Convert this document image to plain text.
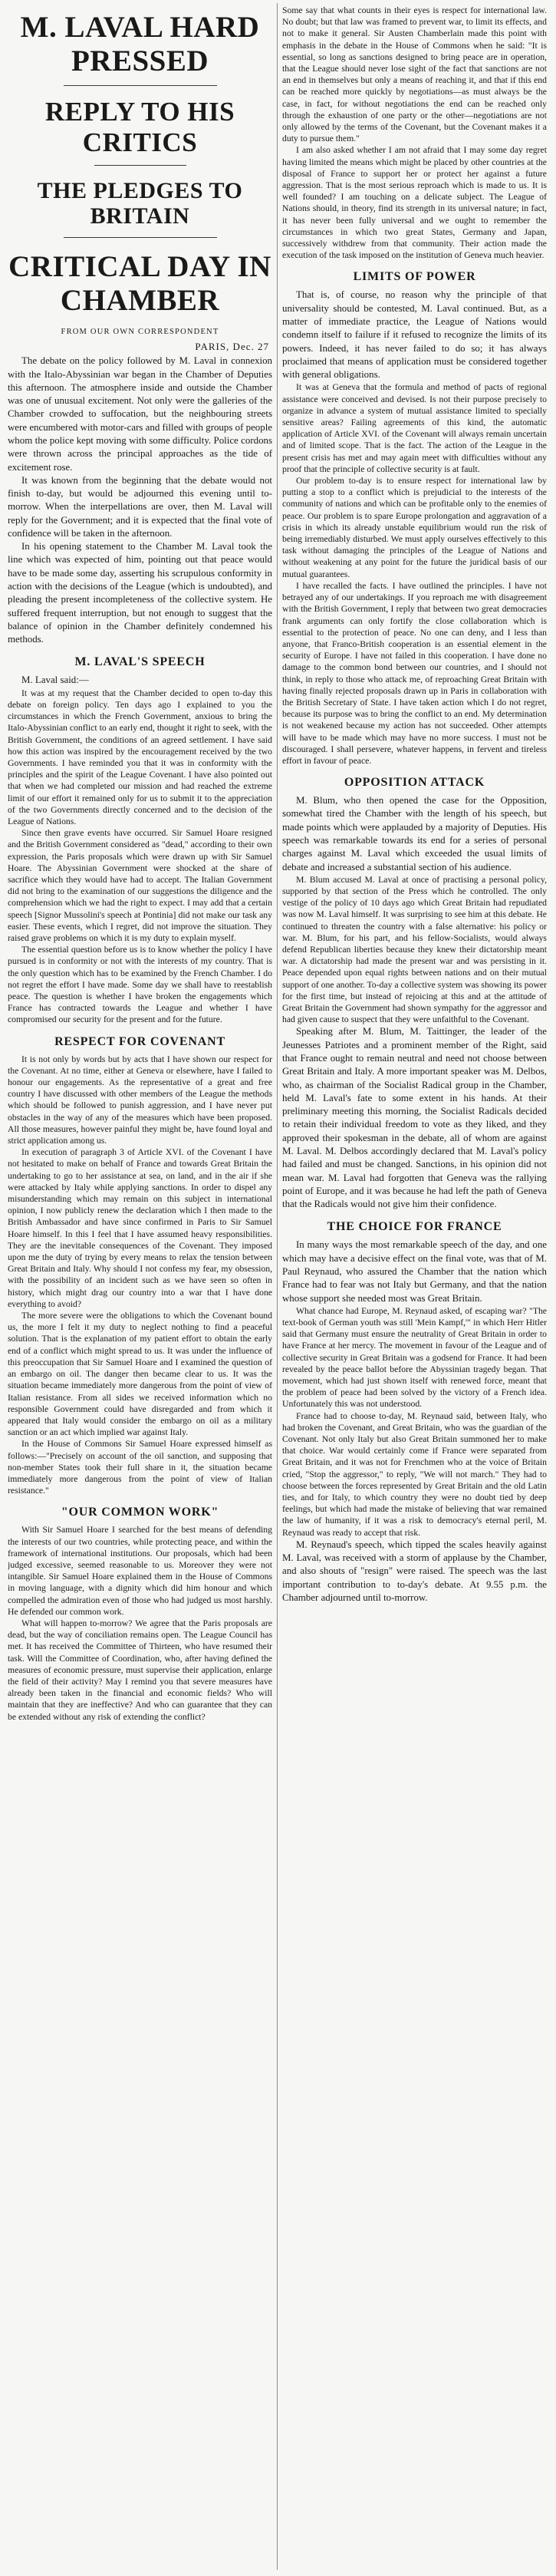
M. LAVAL HARD PRESSED
REPLY TO HIS CRITICS
THE PLEDGES TO BRITAIN
CRITICAL DAY IN CHAMBER
FROM OUR OWN CORRESPONDENT
PARIS, Dec. 27

The debate on the policy followed by M. Laval in connexion with the Italo-Abyssinian war began in the Chamber of Deputies this afternoon. The atmosphere inside and outside the Chamber was one of unusual excitement. Not only were the galleries of the Chamber crowded to suffocation, but the neighbouring streets were encumbered with motor-cars and filled with groups of people whom the police kept moving with some difficulty. Police cordons were thrown across the principal approaches as the tide of excitement rose.

It was known from the beginning that the debate would not finish to-day, but would be adjourned this evening until to-morrow. When the interpellations are over, then M. Laval will reply for the Government; and it is expected that the final vote of confidence will be taken in the afternoon.

In his opening statement to the Chamber M. Laval took the line which was expected of him, pointing out that peace would have to be made some day, asserting his scrupulous conformity in action with the decisions of the League (which is undoubted), and pleading the present incompleteness of the collective system. He suffered frequent interruption, but not enough to suggest that the balance of opinion in the Chamber definitely condemned his methods.

M. LAVAL'S SPEECH

M. Laval said:—

It was at my request that the Chamber decided to open to-day this debate on foreign policy. Ten days ago I explained to you the circumstances in which the French Government, anxious to bring the Italo-Abyssinian conflict to an early end, thought it right to seek, with the British Government, the conditions of an agreed settlement. I have said how this action was inspired by the encouragement received by the two Governments. I have reminded you that it was in conformity with the principles and the spirit of the League Covenant. I have also pointed out that when we had completed our mission and had reached the extreme limit of our effort it remained only for us to submit it to the appreciation of the two Governments directly concerned and to the decision of the League of Nations.

Since then grave events have occurred. Sir Samuel Hoare resigned and the British Government considered as "dead," according to their own expression, the Paris proposals which were drawn up with Sir Samuel Hoare. The Abyssinian Government were shocked at the share of sacrifice which they would have had to accept. The Italian Government did not bring to the examination of our suggestions the diligence and the comprehension which we had the right to expect. I may add that a certain speech [Signor Mussolini's speech at Pontinia] did not make our task any easier. These events, which I regret, did not improve the situation. They raised grave problems on which it is my duty to explain myself.

The essential question before us is to know whether the policy I have pursued is in conformity or not with the interests of my country. That is the only question which has to be examined by the French Chamber. I do not regret the effort I have made. Some day we shall have to reestablish peace. The question is whether I have broken the engagements which France has contracted towards the League and whether I have compromised our security for the present and for the future.

RESPECT FOR COVENANT

It is not only by words but by acts that I have shown our respect for the Covenant. At no time, either at Geneva or elsewhere, have I failed to honour our engagements. As the representative of a great and free country I have discussed with other members of the League the methods which should be followed to punish aggression, and I have never put obstacles in the way of any of the measures which have been proposed. All those measures, however painful they might be, have found loyal and strict application among us.

In execution of paragraph 3 of Article XVI. of the Covenant I have not hesitated to make on behalf of France and towards Great Britain the undertaking to go to her assistance at sea, on land, and in the air if she were attacked by Italy while applying sanctions. In order to dispel any misunderstanding which may remain on this subject in international opinion, I now publicly renew the declaration which I then made to the British Ambassador and have since confirmed in Paris to Sir Samuel Hoare himself. In this I feel that I have assumed heavy responsibilities. They are the inevitable consequences of the Covenant. They imposed upon me the duty of trying by every means to relax the tension between Great Britain and Italy. Why should I not confess my fear, my obsession, with the possibility of an incident such as we have seen so often in history, which might drag our country into a war that I have done everything to avoid?

The more severe were the obligations to which the Covenant bound us, the more I felt it my duty to neglect nothing to find a peaceful solution. That is the explanation of my patient effort to obtain the early end of a conflict which might spread to us. It was under the influence of this preoccupation that Sir Samuel Hoare and I examined the question of an embargo on oil. The danger then became clear to us. It was the situation became immediately more dangerous from the point of view of Italian resistance. From all sides we received information which no responsible Government could have disregarded and from which it appeared that Italy would consider the embargo on oil as a military sanction or an act which implied war against Italy.

In the House of Commons Sir Samuel Hoare expressed himself as follows:—"Precisely on account of the oil sanction, and supposing that non-member States took their full share in it, the situation became immediately more dangerous from the point of view of Italian resistance."

"OUR COMMON WORK"

With Sir Samuel Hoare I searched for the best means of defending the interests of our two countries, while protecting peace, and within the framework of international institutions. Our proposals, which had been judged excessive, seemed reasonable to us. Moreover they were not intangible. Sir Samuel Hoare explained them in the House of Commons in moving language, with a dignity which did him honour and which compelled the admiration even of those who had judged us most harshly. He defended our common work.

What will happen to-morrow? We agree that the Paris proposals are dead, but the way of conciliation remains open. The League Council has met. It has received the Committee of Thirteen, who have resumed their task. Will the Committee of Coordination, who, after having defined the measures of economic pressure, must supervise their application, enlarge the field of their activity? May I remind you that severe measures have already been taken in the financial and economic fields? Who will maintain that they are ineffective? And who can guarantee that they can be extended without any risk of extending the conflict?

Some say that what counts in their eyes is respect for international law. No doubt; but that law was framed to prevent war, to limit its effects, and not to make it general. Sir Austen Chamberlain made this point with emphasis in the debate in the House of Commons when he said: "It is essential, so long as sanctions designed to bring peace are in operation, that the League should never lose sight of the fact that sanctions are not an end in themselves but only a means of reaching it, and that if this end can be reached more quickly by negotiations—as must always be the case, in fact, for without negotiations the end can be reached only through the exhaustion of one party or the other—negotiations are not only allowed by the terms of the Covenant, but the Covenant makes it a duty to pursue them."

I am also asked whether I am not afraid that I may some day regret having limited the means which might be placed by other countries at the disposal of France to support her or protect her against a future aggression. That is the most serious reproach which is made to us. It is well founded? I am touching on a delicate subject. The League of Nations should, in theory, find its strength in its universal nature; in fact, it has never been fully universal and we ought to remember the circumstances in which two great States, Germany and Japan, successively withdrew from that community. Their action made the execution of the task imposed on the institution of Geneva much heavier.

LIMITS OF POWER

That is, of course, no reason why the principle of that universality should be contested, M. Laval continued. But, as a matter of immediate practice, the League of Nations would condemn itself to failure if it refused to recognize the limits of its powers. Indeed, it has never failed to do so; it has always proclaimed that means of application must be considered together with general obligations.

It was at Geneva that the formula and method of pacts of regional assistance were conceived and devised. Is not their purpose precisely to organize in advance a system of mutual assistance limited to specially sensitive areas? Failing agreements of this kind, the automatic application of Article XVI. of the Covenant will always remain uncertain and of limited scope. That is the fact. The action of the League in the present crisis has met and may again meet with difficulties without any proof that the principle of collective security is at fault.

Our problem to-day is to ensure respect for international law by putting a stop to a conflict which is prejudicial to the interests of the community of nations and which can be profitable only to the enemies of peace. Our problem is to spare Europe prolongation and aggravation of a crisis in which its already unstable equilibrium would run the risk of being irremediably disturbed. We must apply ourselves effectively to this task without damaging the principles of the League of Nations and without weakening at any point for the future the juridical basis of our mutual guarantees.

I have recalled the facts. I have outlined the principles. I have not betrayed any of our undertakings. If you reproach me with disagreement with the British Government, I reply that between two great democracies frank arguments can only fortify the close collaboration which is essential to the protection of peace. No one can deny, and I less than anyone, that Franco-British cooperation is an essential element in the security of Europe. I have not failed in this cooperation. I have done no damage to the common bond between our countries, and I should not think, in reply to those who attack me, of reproaching Great Britain with having finally rejected proposals drawn up in Paris in collaboration with the British Secretary of State. I have taken action which I do not regret, because its purpose was to bring the conflict to an end. My determination is not weakened because my action has not succeeded. Other attempts will have to be made which may have no more success. I must not be discouraged. I shall persevere, whatever happens, in fervent and tireless effort in favour of peace.

OPPOSITION ATTACK

M. Blum, who then opened the case for the Opposition, somewhat tired the Chamber with the length of his speech, but made points which were applauded by a majority of Deputies. His speech was remarkable towards its end for a series of personal charges against M. Laval which exceeded the usual limits of debate and increased a substantial section of his audience.

M. Blum accused M. Laval at once of practising a personal policy, supported by that section of the Press which he controlled. The only vestige of the policy of 10 days ago which Great Britain had repudiated was now M. Laval himself. It was surprising to see him at this debate. He continued to threaten the country with a false alternative: his policy or war. M. Blum, for his part, and his fellow-Socialists, would always defend Republican liberties because they knew their dictatorship meant war. A dictatorship had made the present war and was persisting in it. Peace depended upon equal rights between nations and on their mutual support of one another. To-day a collective system was showing its power for the first time, but instead of rejoicing at this and at the attitude of Great Britain the Government had shown sympathy for the aggressor and had given cause to suspect that they were unfaithful to the Covenant.

Speaking after M. Blum, M. Taittinger, the leader of the Jeunesses Patriotes and a prominent member of the Right, said that France ought to remain neutral and need not choose between Great Britain and Italy. A more important speaker was M. Delbos, who, as chairman of the Socialist Radical group in the Chamber, held M. Laval's fate to some extent in his hands. At their preliminary meeting this morning, the Socialist Radicals decided to retain their individual freedom to vote as they liked, and they approved their spokesman in the debate, all of whom are against M. Laval. M. Delbos accordingly declared that M. Laval's policy had failed and must be changed. Sanctions, in his opinion did not mean war. M. Laval had forgotten that Geneva was the rallying point of Europe, and it was because he had left the path of Geneva that the Radicals would not give him their confidence.

THE CHOICE FOR FRANCE

In many ways the most remarkable speech of the day, and one which may have a decisive effect on the final vote, was that of M. Paul Reynaud, who assured the Chamber that the nation which France had to fear was not Italy but Germany, and that the nation whose support she needed most was Great Britain.

What chance had Europe, M. Reynaud asked, of escaping war? "The text-book of German youth was still 'Mein Kampf,'" in which Herr Hitler said that Germany must ensure the neutrality of Great Britain in order to have France at her mercy. The movement in favour of the League and of collective security in Great Britain was a godsend for France. It had been revealed by the peace ballot before the Abyssinian tragedy began. That movement, which had just shown itself with renewed force, meant that the problem of peace had been solved by the victory of a French idea. Unfortunately this was not understood.

France had to choose to-day, M. Reynaud said, between Italy, who had broken the Covenant, and Great Britain, who was the guardian of the Covenant. Not only Italy but also Great Britain summoned her to make that choice. War would certainly come if France were separated from Great Britain, and it was not for Frenchmen who at the voice of Britain cried, "Stop the aggressor," to reply, "We will not march." They had to choose between the forces represented by Great Britain and the old Latin ties, and for Italy, to which country they were no doubt tied by deep feelings, but which had made the mistake of believing that war remained the law of humanity, if it was a risk to democracy's eternal peril, M. Reynaud was ready to accept that risk.

M. Reynaud's speech, which tipped the scales heavily against M. Laval, was received with a storm of applause by the Chamber, and also shouts of "resign" were raised. The speech was the last important contribution to to-day's debate. At 9.55 p.m. the Chamber adjourned until to-morrow.
